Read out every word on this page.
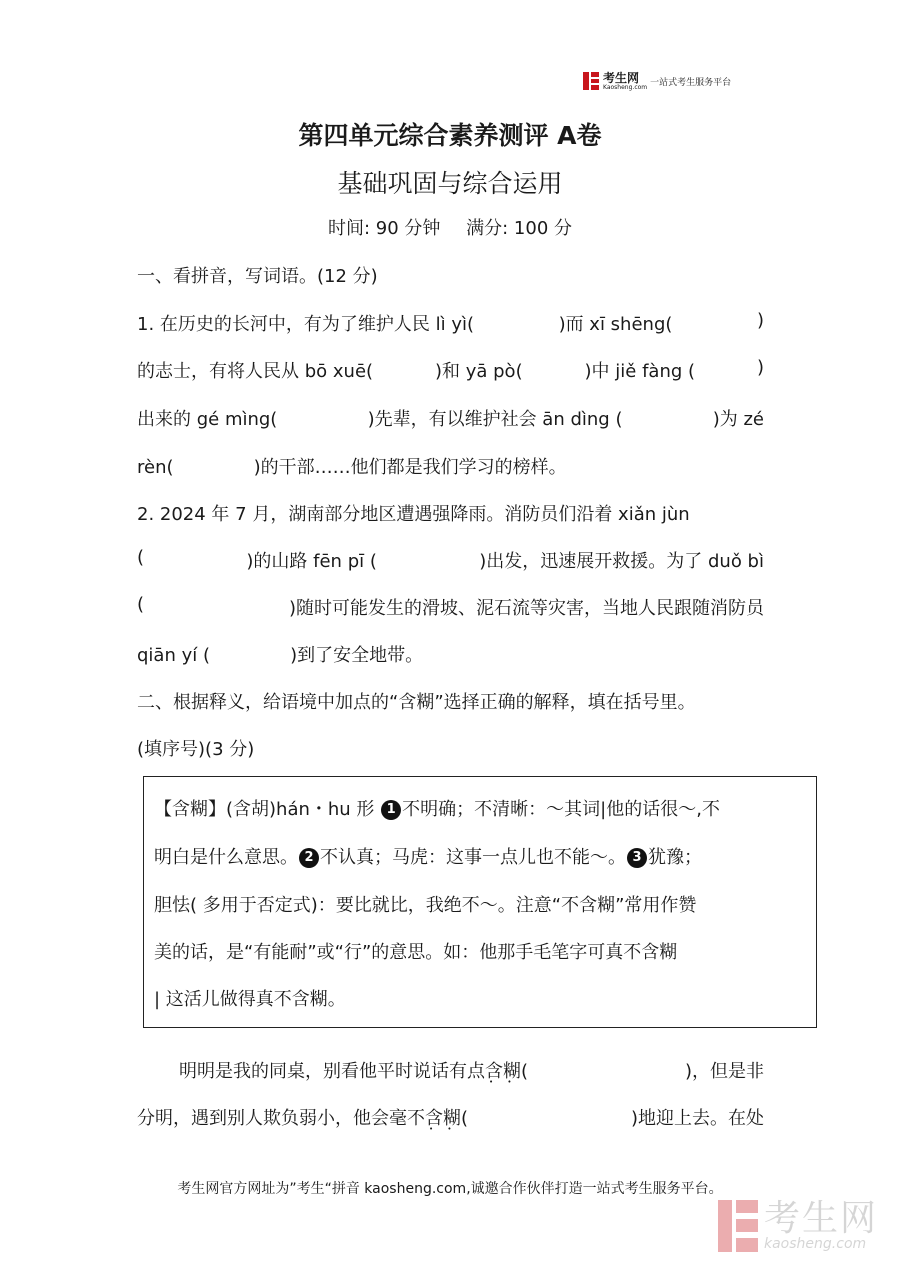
考生网
Kaosheng.com 一站式考生服务平台
第四单元综合素养测评 A卷
基础巩固与综合运用
时间: 90 分钟 满分: 100 分
一、看拼音，写词语。(12 分)
1. 在历史的长河中，有为了维护人民 lì yì(	)而 xī shēng(	)
的志士，有将人民从 bō xuē(	)和 yā pò(	)中 jiě fàng (	)
出来的 gé mìng(	)先辈，有以维护社会 ān dìng (	)为 zé
rèn(              )的干部……他们都是我们学习的榜样。
2. 2024 年 7 月，湖南部分地区遭遇强降雨。消防员们沿着 xiǎn jùn
(	)的山路 fēn pī (	)出发，迅速展开救援。为了 duǒ bì
(	)随时可能发生的滑坡、泥石流等灾害，当地人民跟随消防员
qiān yí (              )到了安全地带。
二、根据释义，给语境中加点的“含糊”选择正确的解释，填在括号里。
(填序号)(3 分)
【含糊】(含胡)hán・hu 形 1 不明确；不清晰：～其词|他的话很～,不
明白是什么意思。 2 不认真；马虎：这事一点儿也不能～。 3 犹豫；
胆怯( 多用于否定式)：要比就比，我绝不～。注意“不含糊”常用作赞
美的话，是“有能耐”或“行”的意思。如：他那手毛笔字可真不含糊
| 这活儿做得真不含糊。
明明是我的同桌，别看他平时说话有点含糊 • •(	)，但是非
分明，遇到别人欺负弱小，他会毫不含糊 • •(	)地迎上去。在处
考生网官方网址为”考生“拼音 kaosheng.com,诚邀合作伙伴打造一站式考生服务平台。
考生网
kaosheng.com
